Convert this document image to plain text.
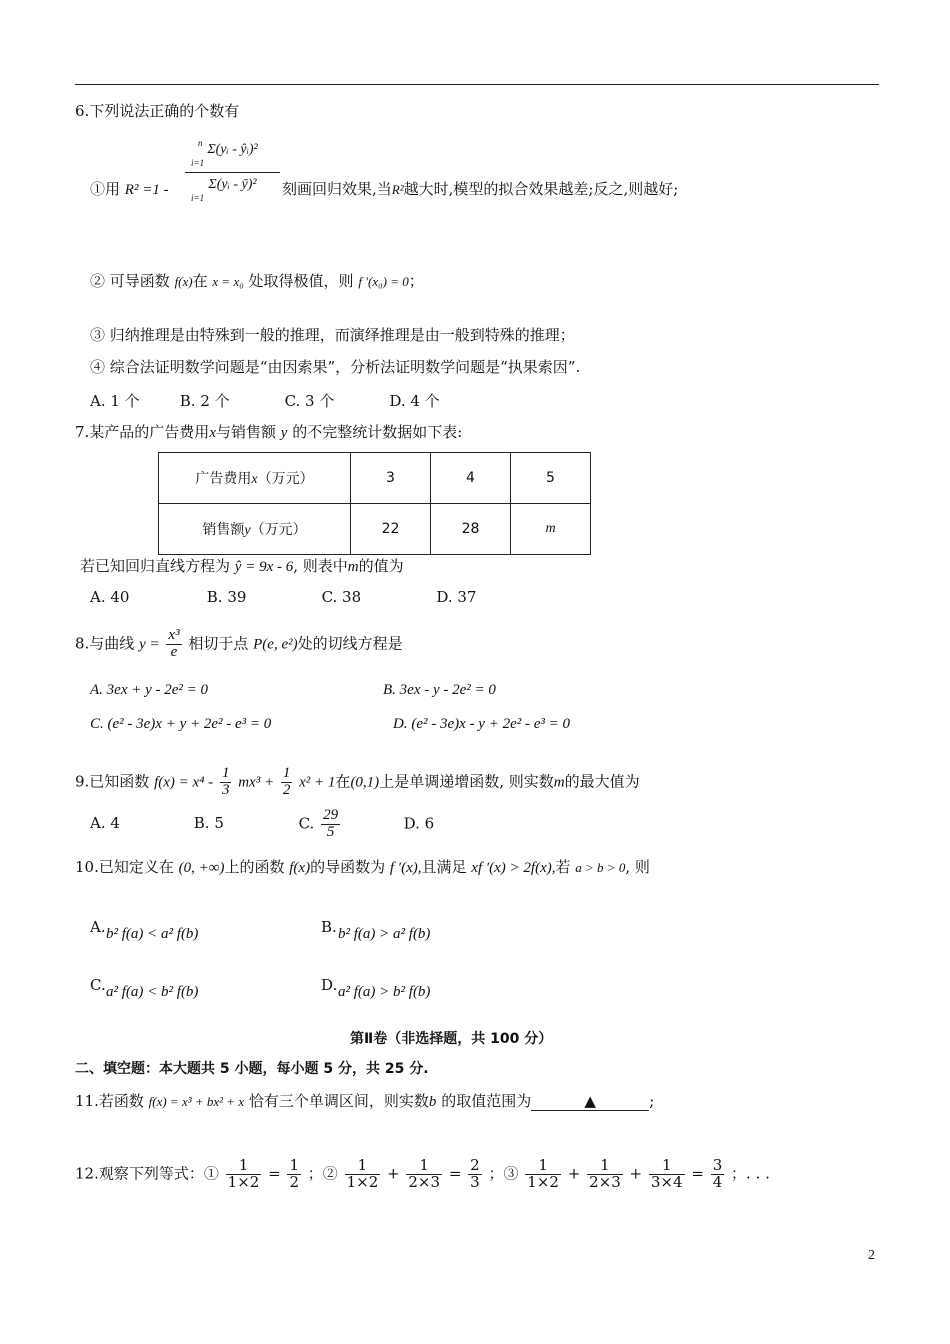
6.下列说法正确的个数有
①用 R² =1 - n Σ(yᵢ - ŷᵢ)²
i=1
Σ(yᵢ - ȳ)²
i=1 刻画回归效果,当R²越大时,模型的拟合效果越差;反之,则越好;
② 可导函数 f(x)在 x = x₀ 处取得极值，则 f ′(x₀) = 0；
③ 归纳推理是由特殊到一般的推理，而演绎推理是由一般到特殊的推理；
④ 综合法证明数学问题是“由因索果”，分析法证明数学问题是“执果索因”.
A. 1 个	B. 2 个	C. 3 个	D. 4 个
7.某产品的广告费用x与销售额 y 的不完整统计数据如下表:
广告费用x（万元）	3	4	5
销售额y（万元）	22	28	m
若已知回归直线方程为 ŷ = 9x - 6, 则表中m的值为
A. 40	B. 39	C. 38	D. 37
8.与曲线 $y = \frac{\text{x³}}{e}$ 相切于点 P(e, e²)处的切线方程是
A. 3ex + y - 2e² = 0	B. 3ex - y - 2e² = 0
C. (e² - 3e)x + y + 2e² - e³ = 0	D. (e² - 3e)x - y + 2e² - e³ = 0
9.已知函数 $f(x) = x^4 - \frac{1}{3} mx^3 + \frac{1}{2} x^2 + 1$在(0,1)上是单调递增函数, 则实数m的最大值为
A. 4	B. 5	C. $\frac{29}{5}$	D. 6
10.已知定义在 (0, +∞)上的函数 f(x)的导函数为 f ′(x),且满足 xf ′(x) > 2f(x),若 a > b > 0, 则
A. b² f(a) < a² f(b)	B. b² f(a) > a² f(b)
C. a² f(a) < b² f(b)	D. a² f(a) > b² f(b)
第Ⅱ卷（非选择题，共 100 分）
二、填空题：本大题共 5 小题，每小题 5 分，共 25 分.
11.若函数 f(x) = x³ + bx² + x 恰有三个单调区间，则实数b 的取值范围为	▲	;
12.观察下列等式：① $\frac{1}{1\times 2} = \frac{1}{2}$ ；② $\frac{1}{1\times 2} + \frac{1}{2\times 3} = \frac{2}{3}$ ；③ $\frac{1}{1\times 2} + \frac{1}{2\times 3} + \frac{1}{3\times 4} = \frac{3}{4}$ ；. . .
2
